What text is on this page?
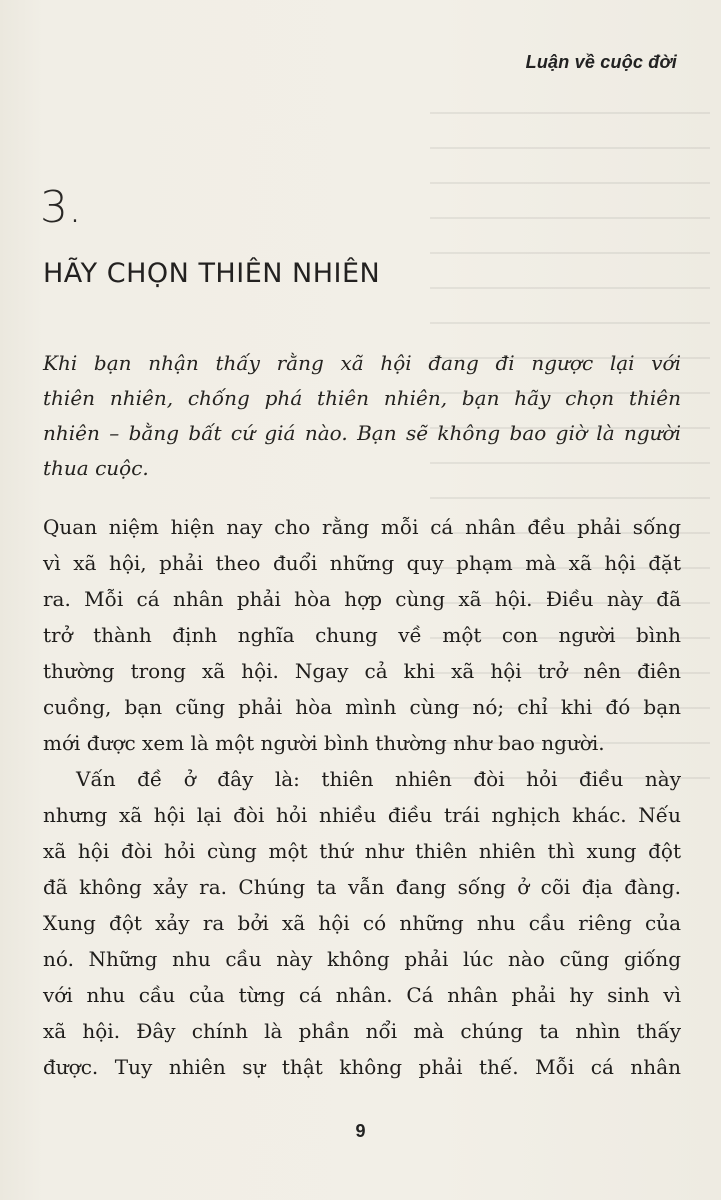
Luận về cuộc đời
3.
HÃY CHỌN THIÊN NHIÊN
Khi bạn nhận thấy rằng xã hội đang đi ngược lại với
thiên nhiên, chống phá thiên nhiên, bạn hãy chọn thiên
nhiên – bằng bất cứ giá nào. Bạn sẽ không bao giờ là người
thua cuộc.
Quan niệm hiện nay cho rằng mỗi cá nhân đều phải sống
vì xã hội, phải theo đuổi những quy phạm mà xã hội đặt
ra. Mỗi cá nhân phải hòa hợp cùng xã hội. Điều này đã
trở thành định nghĩa chung về một con người bình
thường trong xã hội. Ngay cả khi xã hội trở nên điên
cuồng, bạn cũng phải hòa mình cùng nó; chỉ khi đó bạn
mới được xem là một người bình thường như bao người.
Vấn đề ở đây là: thiên nhiên đòi hỏi điều này
nhưng xã hội lại đòi hỏi nhiều điều trái nghịch khác. Nếu
xã hội đòi hỏi cùng một thứ như thiên nhiên thì xung đột
đã không xảy ra. Chúng ta vẫn đang sống ở cõi địa đàng.
Xung đột xảy ra bởi xã hội có những nhu cầu riêng của
nó. Những nhu cầu này không phải lúc nào cũng giống
với nhu cầu của từng cá nhân. Cá nhân phải hy sinh vì
xã hội. Đây chính là phần nổi mà chúng ta nhìn thấy
được. Tuy nhiên sự thật không phải thế. Mỗi cá nhân
9
